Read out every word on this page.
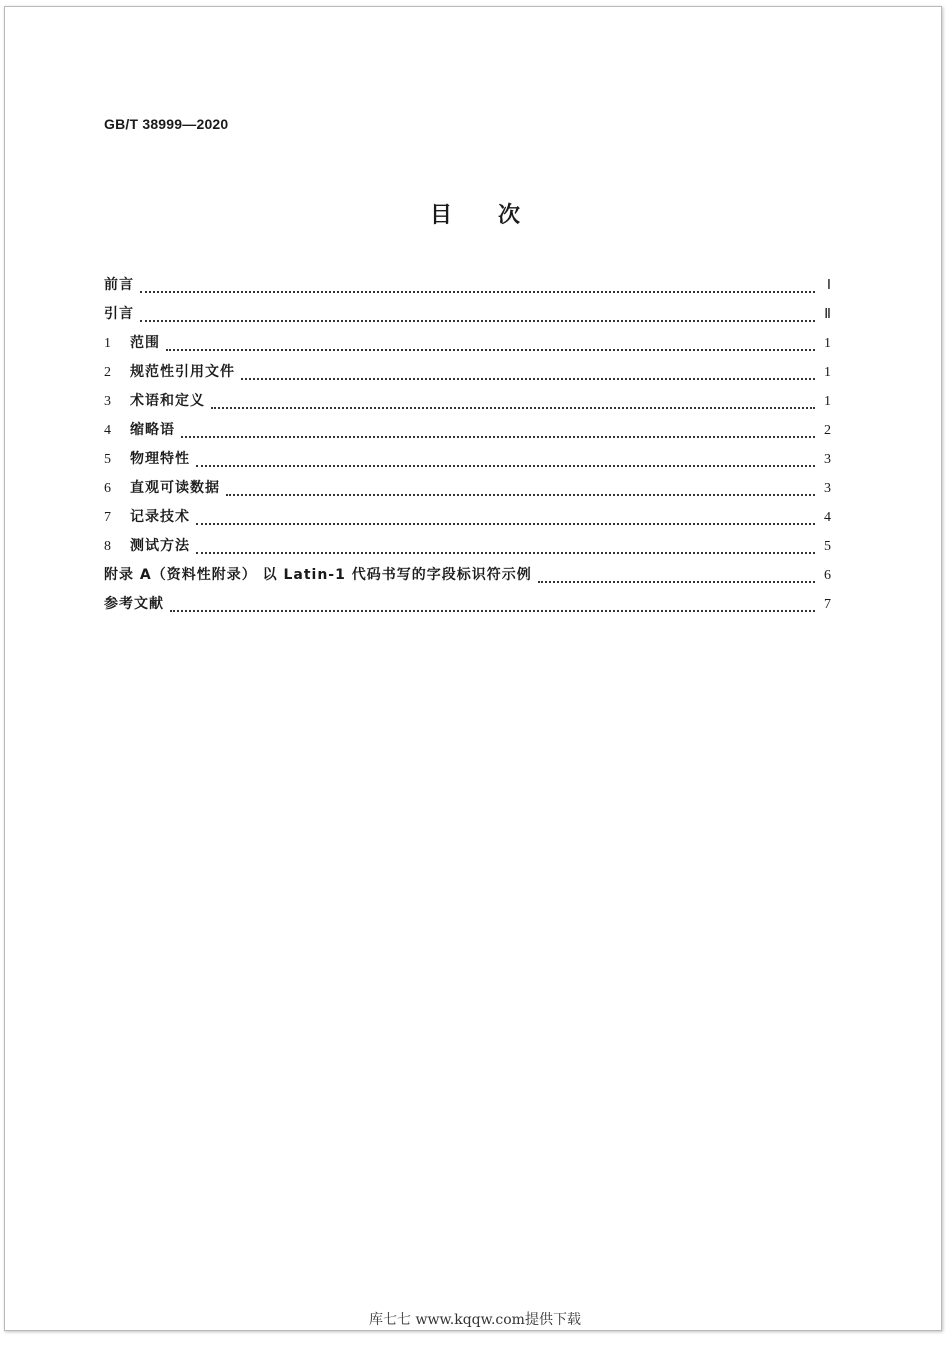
GB/T 38999—2020
目 次
前言	Ⅰ
引言	Ⅱ
1	范围	1
2	规范性引用文件	1
3	术语和定义	1
4	缩略语	2
5	物理特性	3
6	直观可读数据	3
7	记录技术	4
8	测试方法	5
附录 A（资料性附录） 以 Latin-1 代码书写的字段标识符示例	6
参考文献	7
库七七 www.kqqw.com提供下载
